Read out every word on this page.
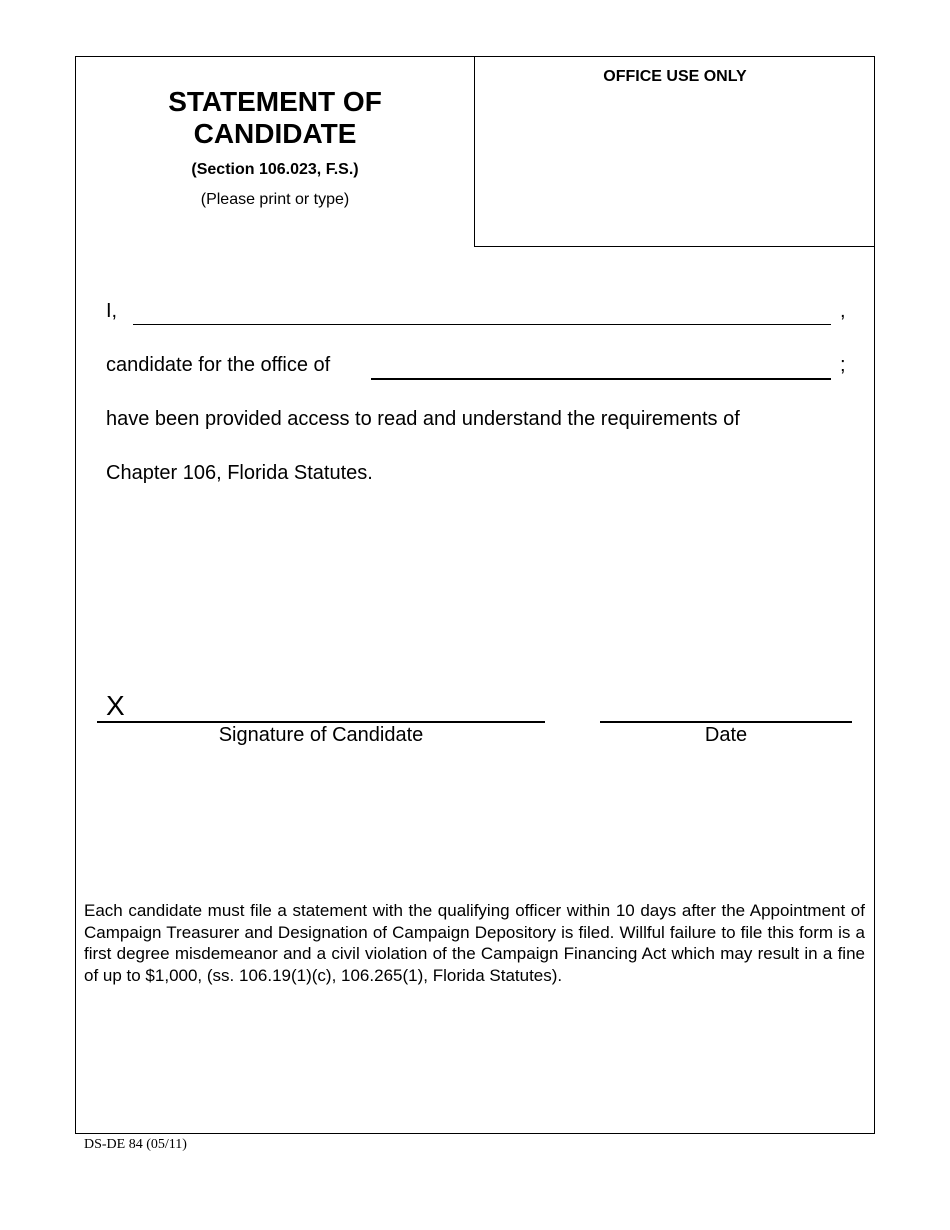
OFFICE USE ONLY
STATEMENT OF
CANDIDATE
(Section 106.023, F.S.)
(Please print or type)
I,	,
candidate for the office of	;
have been provided access to read and understand the requirements of
Chapter 106, Florida Statutes.
X
Signature of Candidate	Date
Each candidate must file a statement with the qualifying officer within 10 days after the Appointment of Campaign Treasurer and Designation of Campaign Depository is filed. Willful failure to file this form is a first degree misdemeanor and a civil violation of the Campaign Financing Act which may result in a fine of up to $1,000, (ss. 106.19(1)(c), 106.265(1), Florida Statutes).
DS-DE 84 (05/11)
